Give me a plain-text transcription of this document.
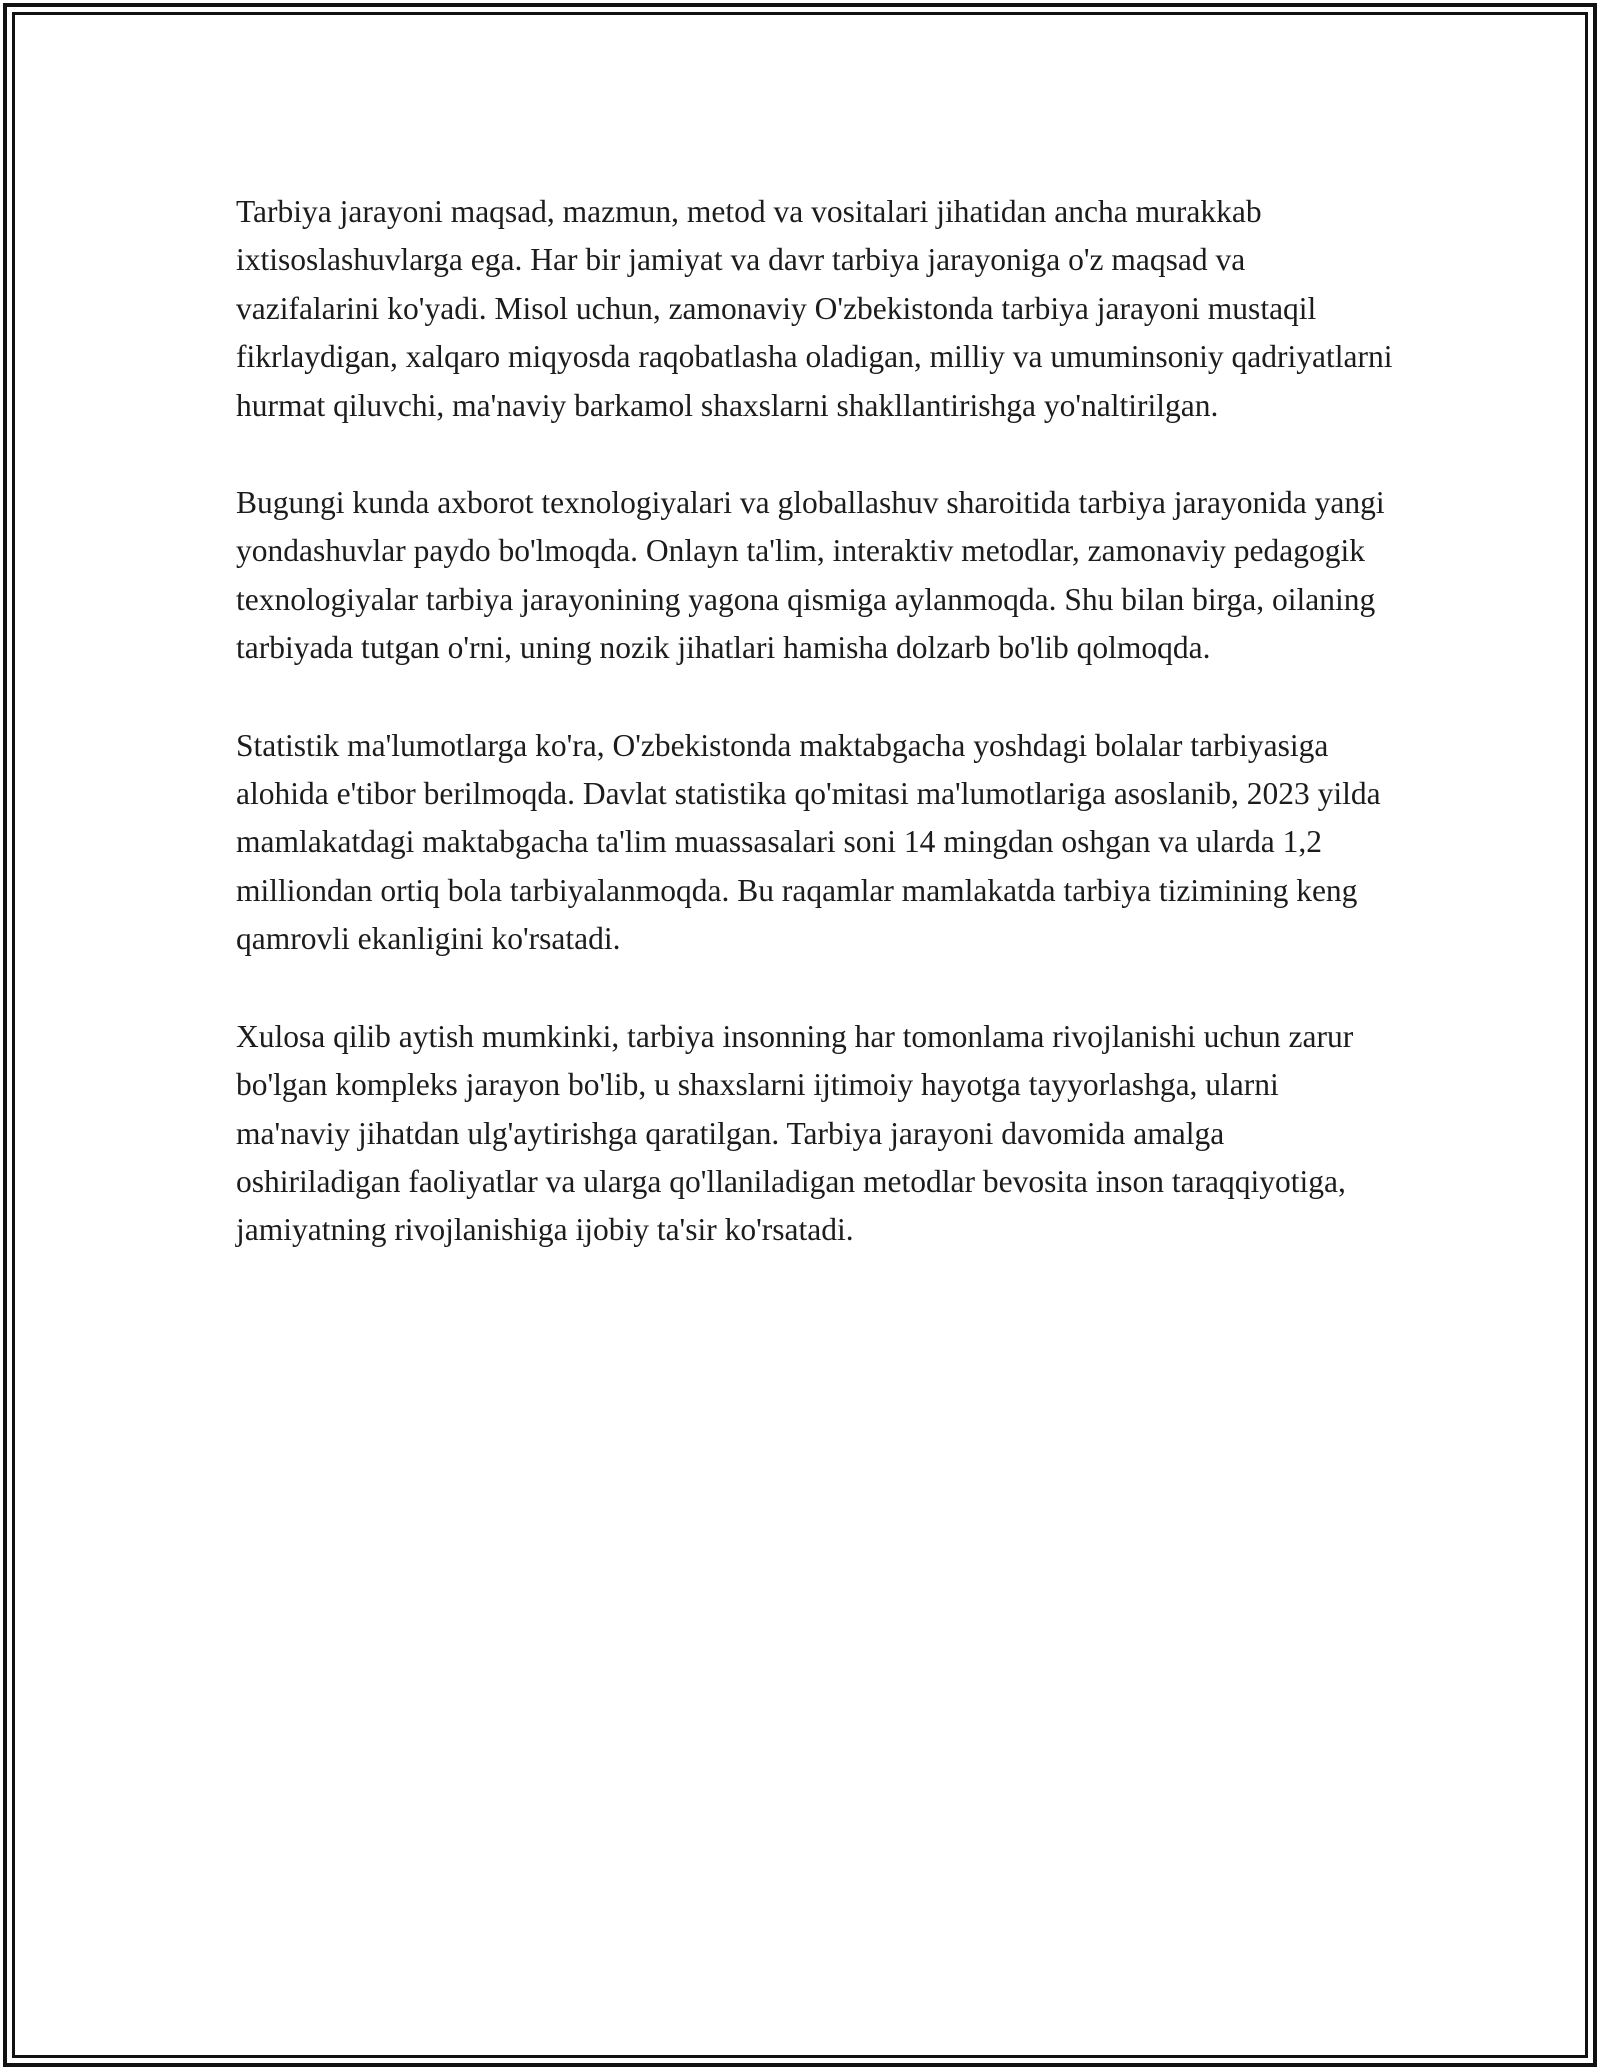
Tarbiya jarayoni maqsad, mazmun, metod va vositalari jihatidan ancha murakkab ixtisoslashuvlarga ega. Har bir jamiyat va davr tarbiya jarayoniga o'z maqsad va vazifalarini ko'yadi. Misol uchun, zamonaviy O'zbekistonda tarbiya jarayoni mustaqil fikrlaydigan, xalqaro miqyosda raqobatlasha oladigan, milliy va umuminsoniy qadriyatlarni hurmat qiluvchi, ma'naviy barkamol shaxslarni shakllantirishga yo'naltirilgan.

Bugungi kunda axborot texnologiyalari va globallashuv sharoitida tarbiya jarayonida yangi yondashuvlar paydo bo'lmoqda. Onlayn ta'lim, interaktiv metodlar, zamonaviy pedagogik texnologiyalar tarbiya jarayonining yagona qismiga aylanmoqda. Shu bilan birga, oilaning tarbiyada tutgan o'rni, uning nozik jihatlari hamisha dolzarb bo'lib qolmoqda.

Statistik ma'lumotlarga ko'ra, O'zbekistonda maktabgacha yoshdagi bolalar tarbiyasiga alohida e'tibor berilmoqda. Davlat statistika qo'mitasi ma'lumotlariga asoslanib, 2023 yilda mamlakatdagi maktabgacha ta'lim muassasalari soni 14 mingdan oshgan va ularda 1,2 milliondan ortiq bola tarbiyalanmoqda. Bu raqamlar mamlakatda tarbiya tizimining keng qamrovli ekanligini ko'rsatadi.

Xulosa qilib aytish mumkinki, tarbiya insonning har tomonlama rivojlanishi uchun zarur bo'lgan kompleks jarayon bo'lib, u shaxslarni ijtimoiy hayotga tayyorlashga, ularni ma'naviy jihatdan ulg'aytirishga qaratilgan. Tarbiya jarayoni davomida amalga oshiriladigan faoliyatlar va ularga qo'llaniladigan metodlar bevosita inson taraqqiyotiga, jamiyatning rivojlanishiga ijobiy ta'sir ko'rsatadi.
